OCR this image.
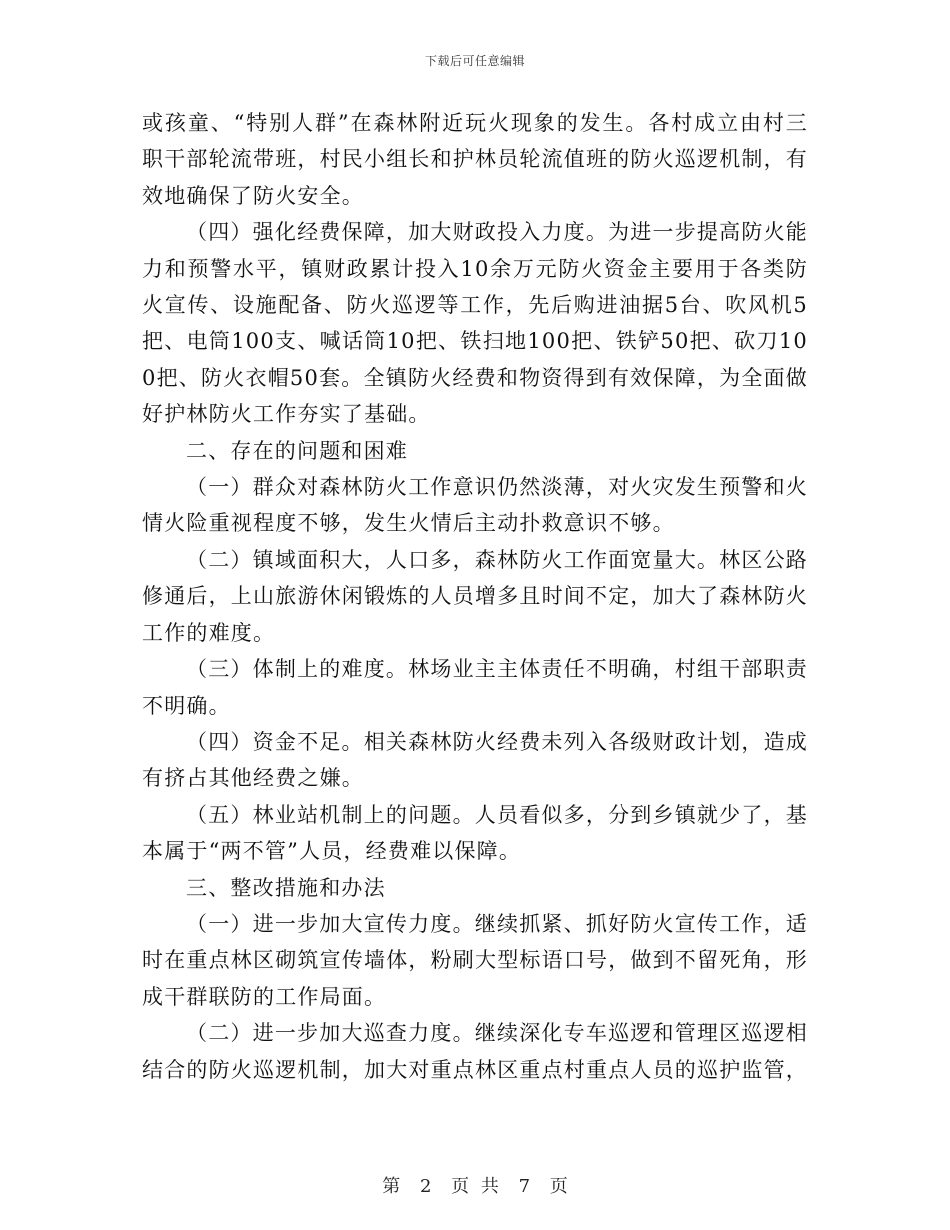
下载后可任意编辑

或孩童、“特别人群”在森林附近玩火现象的发生。各村成立由村三职干部轮流带班，村民小组长和护林员轮流值班的防火巡逻机制，有效地确保了防火安全。

（四）强化经费保障，加大财政投入力度。为进一步提高防火能力和预警水平，镇财政累计投入10余万元防火资金主要用于各类防火宣传、设施配备、防火巡逻等工作，先后购进油据5台、吹风机5把、电筒100支、喊话筒10把、铁扫地100把、铁铲50把、砍刀100把、防火衣帽50套。全镇防火经费和物资得到有效保障，为全面做好护林防火工作夯实了基础。

二、存在的问题和困难

（一）群众对森林防火工作意识仍然淡薄，对火灾发生预警和火情火险重视程度不够，发生火情后主动扑救意识不够。

（二）镇域面积大，人口多，森林防火工作面宽量大。林区公路修通后，上山旅游休闲锻炼的人员增多且时间不定，加大了森林防火工作的难度。

（三）体制上的难度。林场业主主体责任不明确，村组干部职责不明确。

（四）资金不足。相关森林防火经费未列入各级财政计划，造成有挤占其他经费之嫌。

（五）林业站机制上的问题。人员看似多，分到乡镇就少了，基本属于“两不管”人员，经费难以保障。

三、整改措施和办法

（一）进一步加大宣传力度。继续抓紧、抓好防火宣传工作，适时在重点林区砌筑宣传墙体，粉刷大型标语口号，做到不留死角，形成干群联防的工作局面。

（二）进一步加大巡查力度。继续深化专车巡逻和管理区巡逻相结合的防火巡逻机制，加大对重点林区重点村重点人员的巡护监管，

第 2 页 共 7 页
